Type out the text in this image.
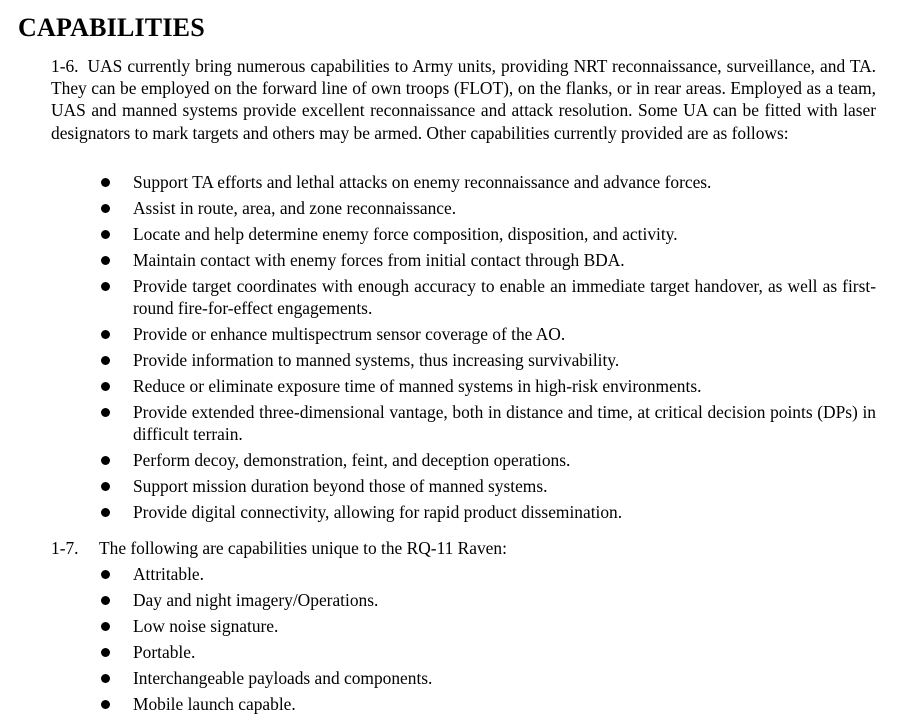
CAPABILITIES

1-6. UAS currently bring numerous capabilities to Army units, providing NRT reconnaissance, surveillance, and TA. They can be employed on the forward line of own troops (FLOT), on the flanks, or in rear areas. Employed as a team, UAS and manned systems provide excellent reconnaissance and attack resolution. Some UA can be fitted with laser designators to mark targets and others may be armed. Other capabilities currently provided are as follows:

Support TA efforts and lethal attacks on enemy reconnaissance and advance forces.
Assist in route, area, and zone reconnaissance.
Locate and help determine enemy force composition, disposition, and activity.
Maintain contact with enemy forces from initial contact through BDA.
Provide target coordinates with enough accuracy to enable an immediate target handover, as well as first-round fire-for-effect engagements.
Provide or enhance multispectrum sensor coverage of the AO.
Provide information to manned systems, thus increasing survivability.
Reduce or eliminate exposure time of manned systems in high-risk environments.
Provide extended three-dimensional vantage, both in distance and time, at critical decision points (DPs) in difficult terrain.
Perform decoy, demonstration, feint, and deception operations.
Support mission duration beyond those of manned systems.
Provide digital connectivity, allowing for rapid product dissemination.

1-7. The following are capabilities unique to the RQ-11 Raven:

Attritable.
Day and night imagery/Operations.
Low noise signature.
Portable.
Interchangeable payloads and components.
Mobile launch capable.
